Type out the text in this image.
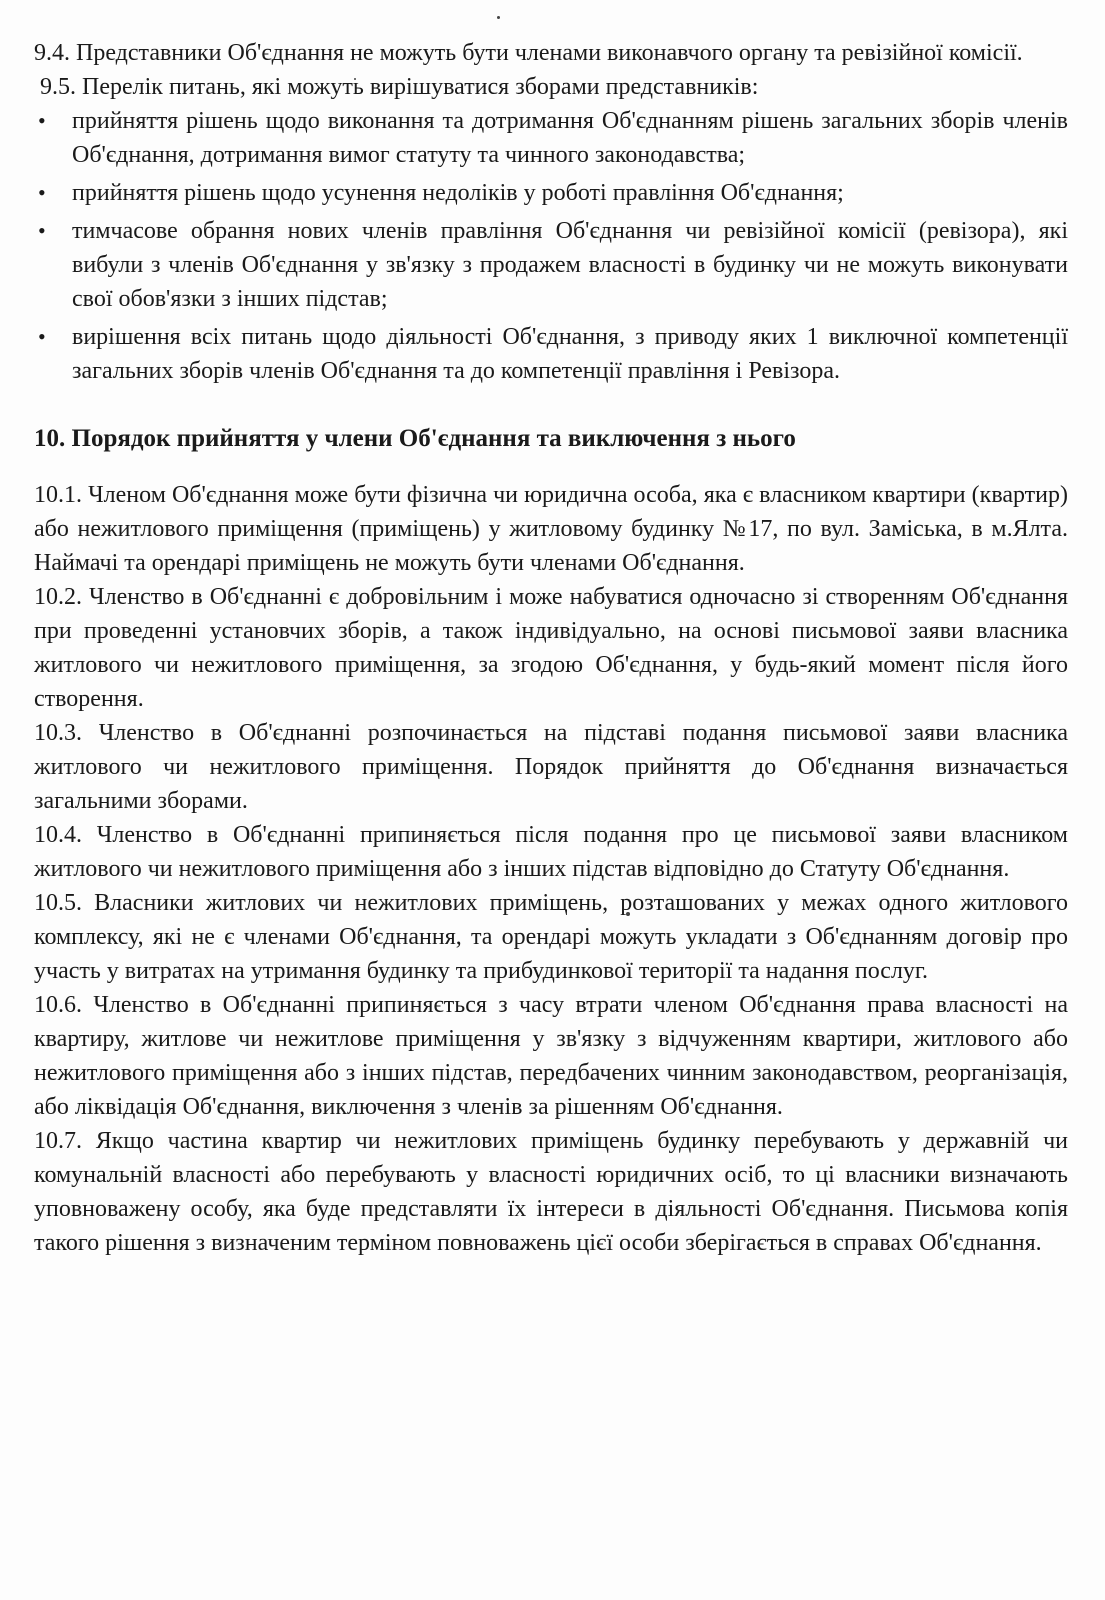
9.4. Представники Об'єднання не можуть бути членами виконавчого органу та ревізійної комісії.

9.5. Перелік питань, які можуть вирішуватися зборами представників:

• прийняття рішень щодо виконання та дотримання Об'єднанням рішень загальних зборів членів Об'єднання, дотримання вимог статуту та чинного законодавства;
• прийняття рішень щодо усунення недоліків у роботі правління Об'єднання;
• тимчасове обрання нових членів правління Об'єднання чи ревізійної комісії (ревізора), які вибули з членів Об'єднання у зв'язку з продажем власності в будинку чи не можуть виконувати свої обов'язки з інших підстав;
• вирішення всіх питань щодо діяльності Об'єднання, з приводу яких 1 виключної компетенції загальних зборів членів Об'єднання та до компетенції правління і Ревізора.

10. Порядок прийняття у члени Об'єднання та виключення з нього

10.1. Членом Об'єднання може бути фізична чи юридична особа, яка є власником квартири (квартир) або нежитлового приміщення (приміщень) у житловому будинку №17, по вул. Заміська, в м.Ялта. Наймачі та орендарі приміщень не можуть бути членами Об'єднання.

10.2. Членство в Об'єднанні є добровільним і може набуватися одночасно зі створенням Об'єднання при проведенні установчих зборів, а також індивідуально, на основі письмової заяви власника житлового чи нежитлового приміщення, за згодою Об'єднання, у будь-який момент після його створення.

10.3. Членство в Об'єднанні розпочинається на підставі подання письмової заяви власника житлового чи нежитлового приміщення. Порядок прийняття до Об'єднання визначається загальними зборами.

10.4. Членство в Об'єднанні припиняється після подання про це письмової заяви власником житлового чи нежитлового приміщення або з інших підстав відповідно до Статуту Об'єднання.

10.5. Власники житлових чи нежитлових приміщень, розташованих у межах одного житлового комплексу, які не є членами Об'єднання, та орендарі можуть укладати з Об'єднанням договір про участь у витратах на утримання будинку та прибудинкової території та надання послуг.

10.6. Членство в Об'єднанні припиняється з часу втрати членом Об'єднання права власності на квартиру, житлове чи нежитлове приміщення у зв'язку з відчуженням квартири, житлового або нежитлового приміщення або з інших підстав, передбачених чинним законодавством, реорганізація, або ліквідація Об'єднання, виключення з членів за рішенням Об'єднання.

10.7. Якщо частина квартир чи нежитлових приміщень будинку перебувають у державній чи комунальній власності або перебувають у власності юридичних осіб, то ці власники визначають уповноважену особу, яка буде представляти їх інтереси в діяльності Об'єднання. Письмова копія такого рішення з визначеним терміном повноважень цієї особи зберігається в справах Об'єднання.
